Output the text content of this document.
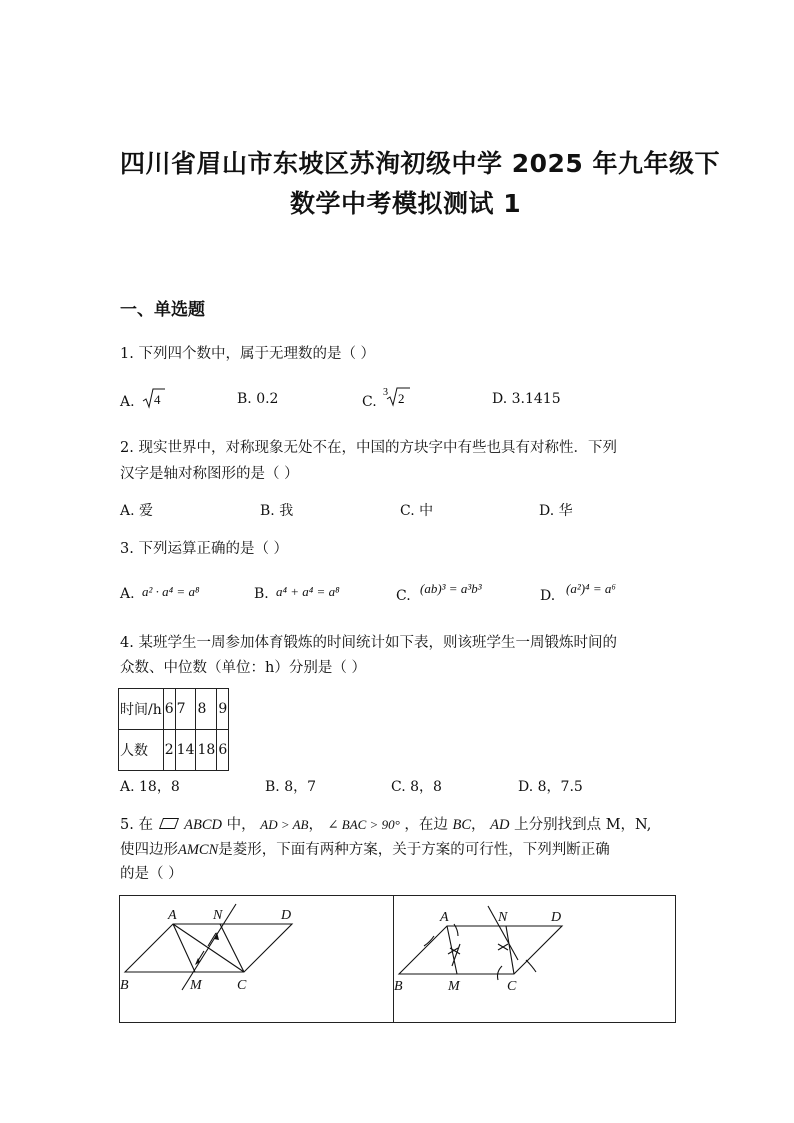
四川省眉山市东坡区苏洵初级中学 2025 年九年级下
数学中考模拟测试 1
一、单选题
1. 下列四个数中，属于无理数的是（ ）
A. 4	B. 0.2	C.
3 2	D. 3.1415
2. 现实世界中，对称现象无处不在，中国的方块字中有些也具有对称性．下列
汉字是轴对称图形的是（ ）
A. 爱	B. 我	C. 中	D. 华
3. 下列运算正确的是（ ）
A. a² · a⁴ = a⁸	B. a⁴ + a⁴ = a⁸	C. (ab)³ = a³b³	D. (a²)⁴ = a⁶
4. 某班学生一周参加体育锻炼的时间统计如下表，则该班学生一周锻炼时间的
众数、中位数（单位：h）分别是（ ）
时间/h	6	7	8	9
人数	2	14	18	6
A. 18，8	B. 8，7	C. 8，8	D. 8，7.5
5. 在 ABCD 中， AD > AB， ∠ BAC > 90° ，在边 BC， AD 上分别找到点 M，N,
使四边形AMCN是菱形，下面有两种方案，关于方案的可行性，下列判断正确
的是（ ）
A	N	D
B	M	C
A	N	D
B	M	C
